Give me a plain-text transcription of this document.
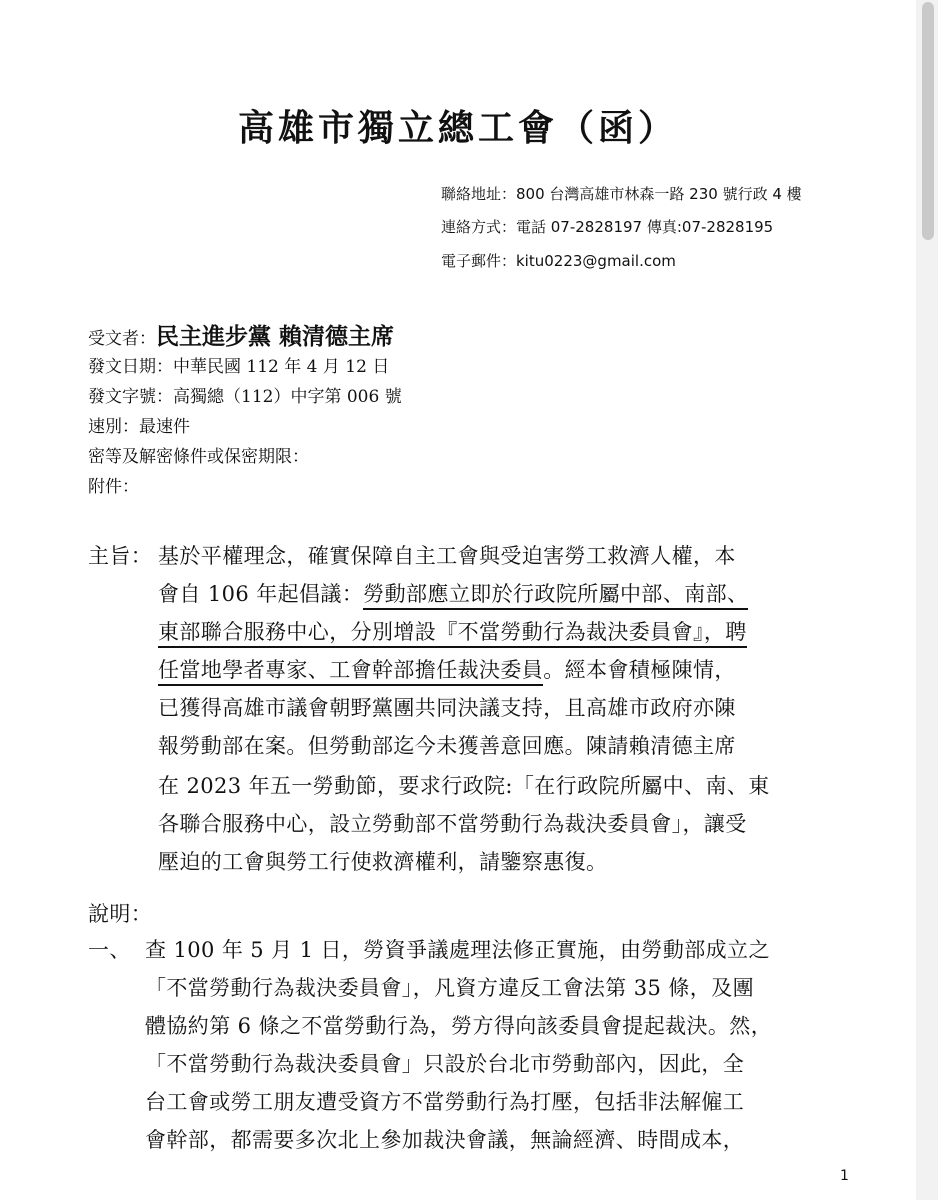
高雄市獨立總工會（函）
聯絡地址：800 台灣高雄市林森一路 230 號行政 4 樓
連絡方式：電話 07-2828197 傳真:07-2828195
電子郵件：kitu0223@gmail.com
受文者：民主進步黨 賴清德主席
發文日期：中華民國 112 年 4 月 12 日
發文字號：高獨總（112）中字第 006 號
速別：最速件
密等及解密條件或保密期限：
附件：
主旨： 基於平權理念，確實保障自主工會與受迫害勞工救濟人權，本
會自 106 年起倡議：勞動部應立即於行政院所屬中部、南部、
東部聯合服務中心，分別增設『不當勞動行為裁決委員會』，聘
任當地學者專家、工會幹部擔任裁決委員。經本會積極陳情，
已獲得高雄市議會朝野黨團共同決議支持，且高雄市政府亦陳
報勞動部在案。但勞動部迄今未獲善意回應。陳請賴清德主席
在 2023 年五一勞動節，要求行政院:「在行政院所屬中、南、東
各聯合服務中心，設立勞動部不當勞動行為裁決委員會」，讓受
壓迫的工會與勞工行使救濟權利，請鑒察惠復。
說明：
一、 查 100 年 5 月 1 日，勞資爭議處理法修正實施，由勞動部成立之
「不當勞動行為裁決委員會」，凡資方違反工會法第 35 條，及團
體協約第 6 條之不當勞動行為，勞方得向該委員會提起裁決。然，
「不當勞動行為裁決委員會」只設於台北市勞動部內，因此，全
台工會或勞工朋友遭受資方不當勞動行為打壓，包括非法解僱工
會幹部，都需要多次北上參加裁決會議，無論經濟、時間成本，
1
